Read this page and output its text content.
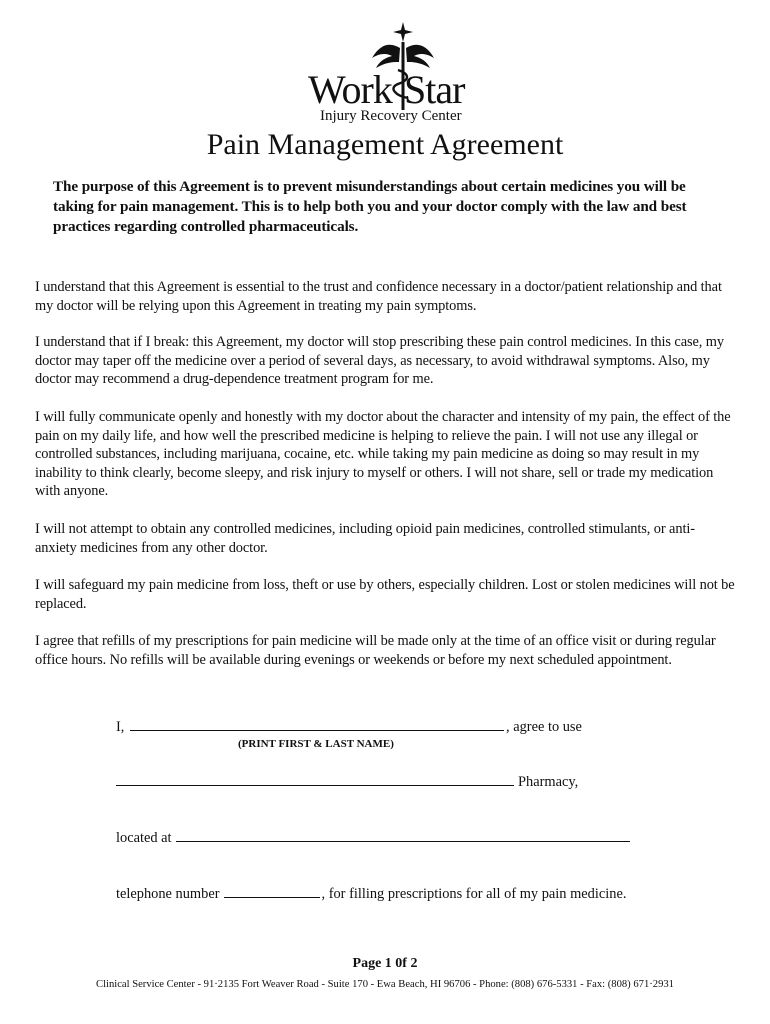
Work Star
Injury Recovery Center
Pain Management Agreement
The purpose of this Agreement is to prevent misunderstandings about certain medicines you will be taking for pain management. This is to help both you and your doctor comply with the law and best practices regarding controlled pharmaceuticals.
I understand that this Agreement is essential to the trust and confidence necessary in a doctor/patient relationship and that my doctor will be relying upon this Agreement in treating my pain symptoms.
I understand that if I break: this Agreement, my doctor will stop prescribing these pain control medicines. In this case, my doctor may taper off the medicine over a period of several days, as necessary, to avoid withdrawal symptoms. Also, my doctor may recommend a drug-dependence treatment program for me.
I will fully communicate openly and honestly with my doctor about the character and intensity of my pain, the effect of the pain on my daily life, and how well the prescribed medicine is helping to relieve the pain. I will not use any illegal or controlled substances, including marijuana, cocaine, etc. while taking my pain medicine as doing so may result in my inability to think clearly, become sleepy, and risk injury to myself or others. I will not share, sell or trade my medication with anyone.
I will not attempt to obtain any controlled medicines, including opioid pain medicines, controlled stimulants, or anti-anxiety medicines from any other doctor.
I will safeguard my pain medicine from loss, theft or use by others, especially children. Lost or stolen medicines will not be replaced.
I agree that refills of my prescriptions for pain medicine will be made only at the time of an office visit or during regular office hours. No refills will be available during evenings or weekends or before my next scheduled appointment.
I,	, agree to use
(PRINT FIRST & LAST NAME)
Pharmacy,
located at
telephone number	, for filling prescriptions for all of my pain medicine.
Page 1 0f 2
Clinical Service Center - 91·2135 Fort Weaver Road - Suite 170 - Ewa Beach, HI 96706 - Phone: (808) 676-5331 - Fax: (808) 671·2931
